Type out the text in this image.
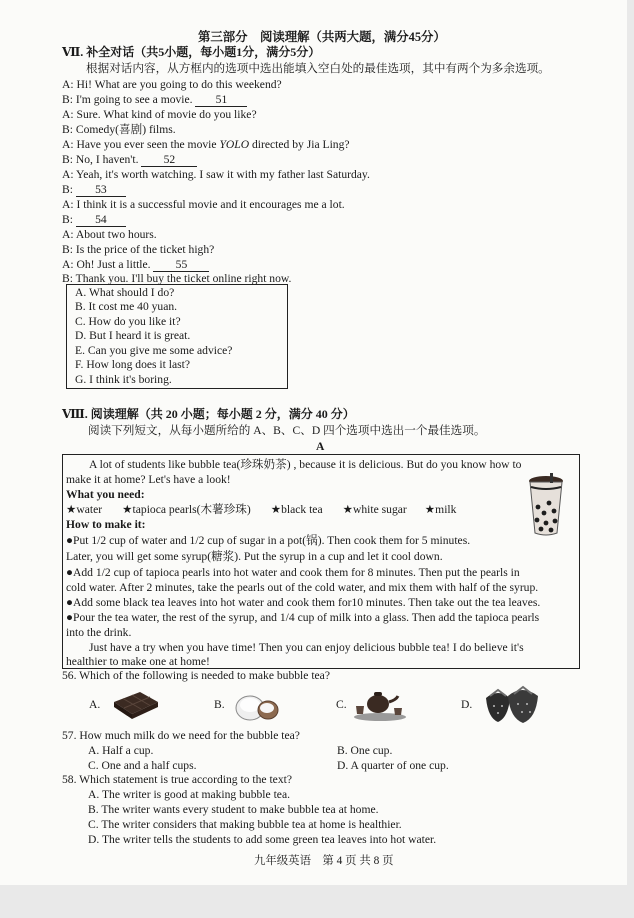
第三部分　阅读理解（共两大题，满分45分）
Ⅶ. 补全对话（共5小题，每小题1分，满分5分）
根据对话内容，从方框内的选项中选出能填入空白处的最佳选项，其中有两个为多余选项。
A: Hi! What are you going to do this weekend?
B: I'm going to see a movie. 51
A: Sure. What kind of movie do you like?
B: Comedy(喜剧) films.
A: Have you ever seen the movie YOLO directed by Jia Ling?
B: No, I haven't. 52
A: Yeah, it's worth watching. I saw it with my father last Saturday.
B: 53
A: I think it is a successful movie and it encourages me a lot.
B: 54
A: About two hours.
B: Is the price of the ticket high?
A: Oh! Just a little. 55
B: Thank you. I'll buy the ticket online right now.
A. What should I do?
B. It cost me 40 yuan.
C. How do you like it?
D. But I heard it is great.
E. Can you give me some advice?
F. How long does it last?
G. I think it's boring.
Ⅷ. 阅读理解（共 20 小题；每小题 2 分，满分 40 分）
阅读下列短文，从每小题所给的 A、B、C、D 四个选项中选出一个最佳选项。
A
A lot of students like bubble tea(珍珠奶茶) , because it is delicious. But do you know how to
make it at home? Let's have a look!
What you need:
★water ★tapioca pearls(木薯珍珠) ★black tea ★white sugar ★milk
How to make it:
●Put 1/2 cup of water and 1/2 cup of sugar in a pot(锅). Then cook them for 5 minutes.
Later, you will get some syrup(糖浆). Put the syrup in a cup and let it cool down.
●Add 1/2 cup of tapioca pearls into hot water and cook them for 8 minutes. Then put the pearls in
cold water. After 2 minutes, take the pearls out of the cold water, and mix them with half of the syrup.
●Add some black tea leaves into hot water and cook them for10 minutes. Then take out the tea leaves.
●Pour the tea water, the rest of the syrup, and 1/4 cup of milk into a glass. Then add the tapioca pearls
into the drink.
Just have a try when you have time! Then you can enjoy delicious bubble tea! I do believe it's
healthier to make one at home!
56. Which of the following is needed to make bubble tea?
A.	B.	C.	D.
57. How much milk do we need for the bubble tea?
A. Half a cup.	B. One cup.
C. One and a half cups.	D. A quarter of one cup.
58. Which statement is true according to the text?
A. The writer is good at making bubble tea.
B. The writer wants every student to make bubble tea at home.
C. The writer considers that making bubble tea at home is healthier.
D. The writer tells the students to add some green tea leaves into hot water.
九年级英语　第 4 页 共 8 页
